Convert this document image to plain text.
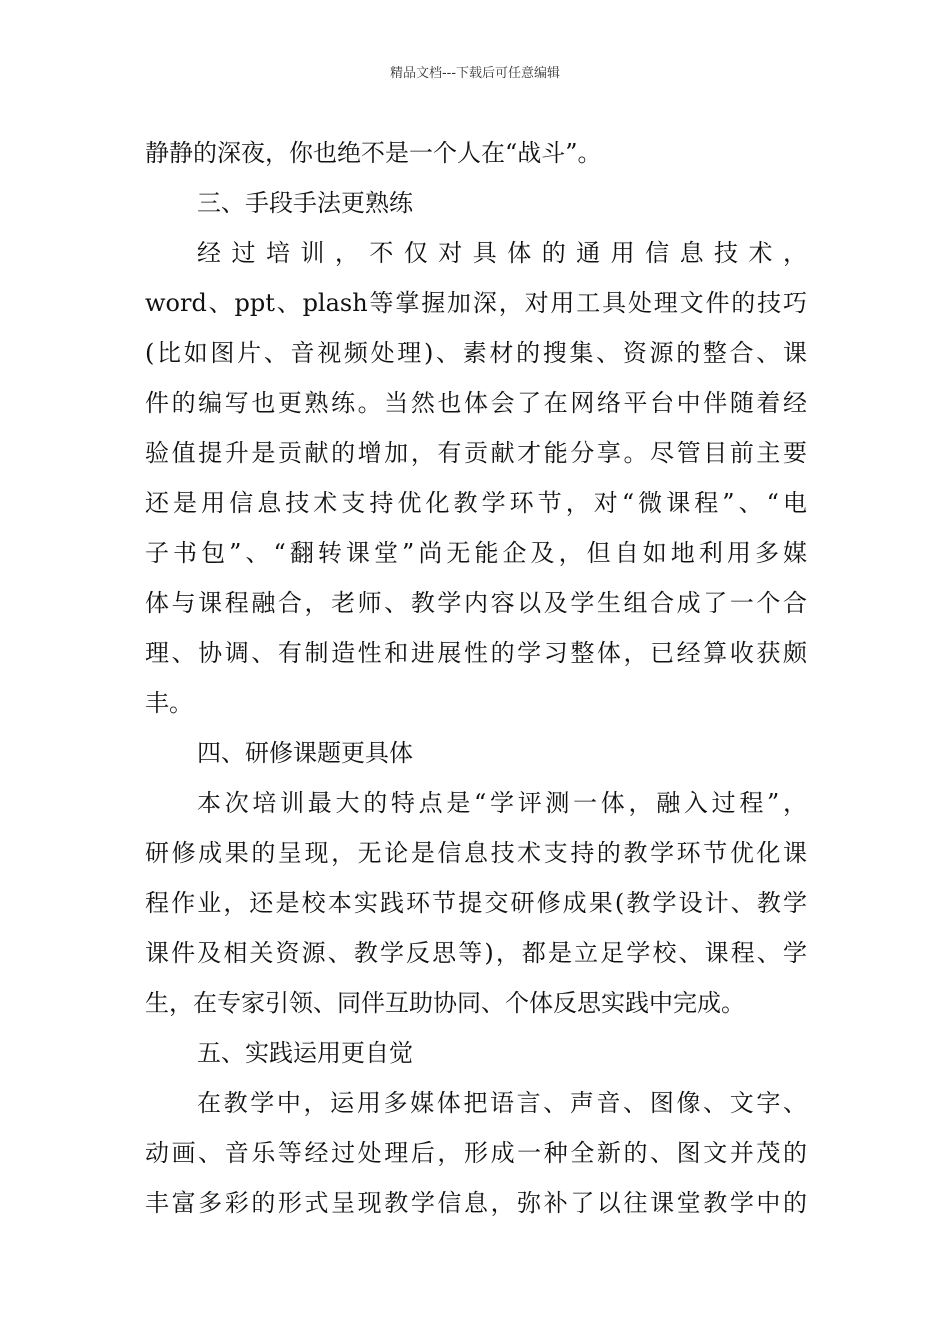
精品文档---下载后可任意编辑
静静的深夜，你也绝不是一个人在“战斗”。
三、手段手法更熟练
经过培训，不仅对具体的通用信息技术，
word、ppt、plash等掌握加深，对用工具处理文件的技巧
(比如图片、音视频处理)、素材的搜集、资源的整合、课
件的编写也更熟练。当然也体会了在网络平台中伴随着经
验值提升是贡献的增加，有贡献才能分享。尽管目前主要
还是用信息技术支持优化教学环节，对“微课程”、“电
子书包”、“翻转课堂”尚无能企及，但自如地利用多媒
体与课程融合，老师、教学内容以及学生组合成了一个合
理、协调、有制造性和进展性的学习整体，已经算收获颇
丰。
四、研修课题更具体
本次培训最大的特点是“学评测一体，融入过程”，
研修成果的呈现，无论是信息技术支持的教学环节优化课
程作业，还是校本实践环节提交研修成果(教学设计、教学
课件及相关资源、教学反思等)，都是立足学校、课程、学
生，在专家引领、同伴互助协同、个体反思实践中完成。
五、实践运用更自觉
在教学中，运用多媒体把语言、声音、图像、文字、
动画、音乐等经过处理后，形成一种全新的、图文并茂的
丰富多彩的形式呈现教学信息，弥补了以往课堂教学中的
